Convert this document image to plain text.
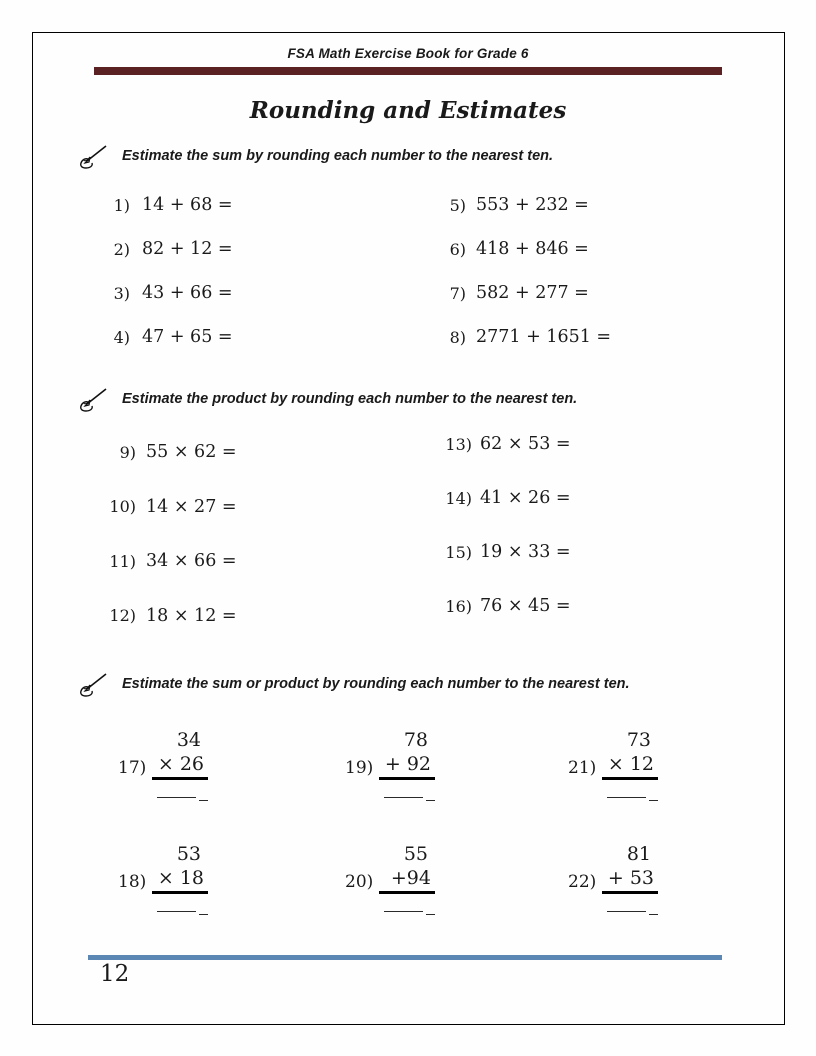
FSA Math Exercise Book for Grade 6
Rounding and Estimates
Estimate the sum by rounding each number to the nearest ten.
1) 14 + 68 =
2) 82 + 12 =
3) 43 + 66 =
4) 47 + 65 =
5) 553 + 232 =
6) 418 + 846 =
7) 582 + 277 =
8) 2771 + 1651 =
Estimate the product by rounding each number to the nearest ten.
9) 55 × 62 =
10) 14 × 27 =
11) 34 × 66 =
12) 18 × 12 =
13) 62 × 53 =
14) 41 × 26 =
15) 19 × 33 =
16) 76 × 45 =
Estimate the sum or product by rounding each number to the nearest ten.
17)
34
× 26	19)
78
+ 92	21)
73
× 12
18)
53
× 18	20)
55
+94	22)
81
+ 53
12
